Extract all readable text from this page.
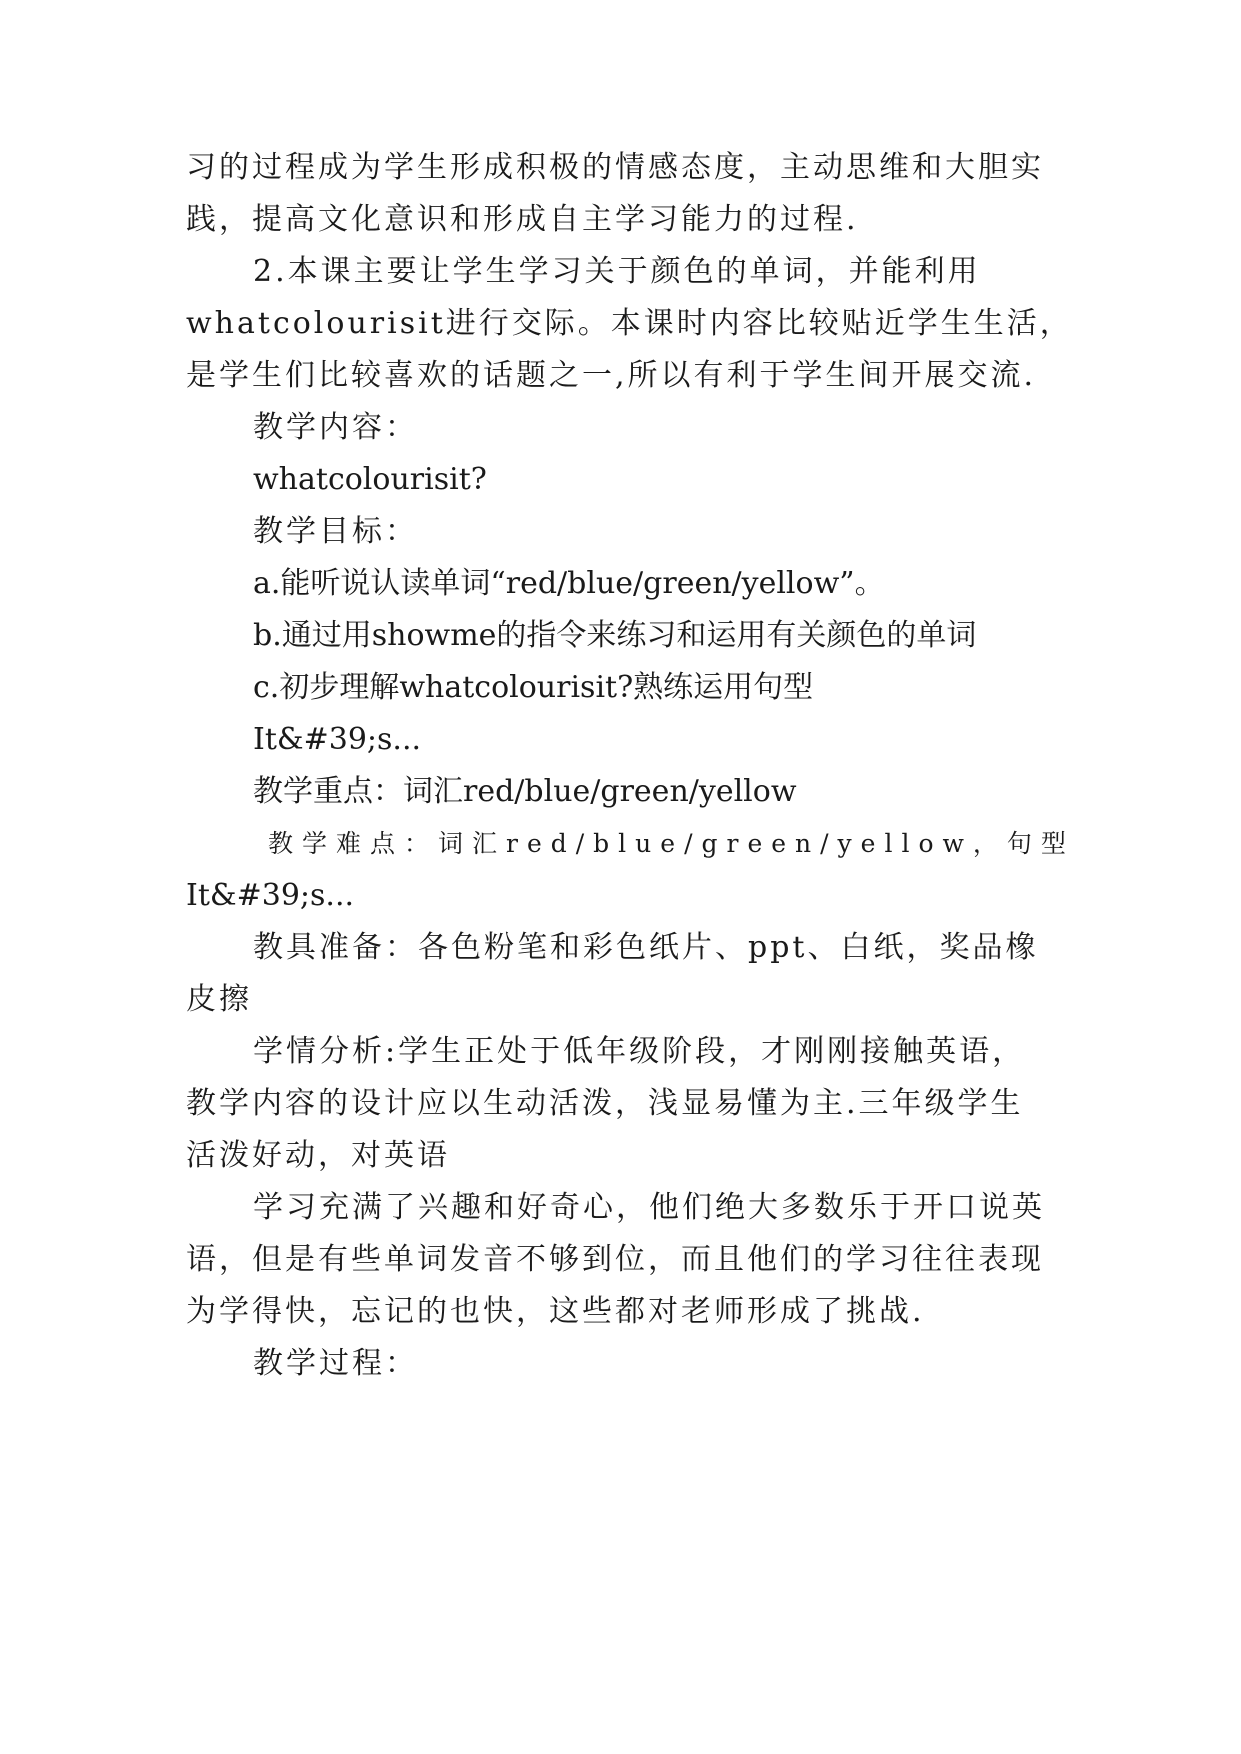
习的过程成为学生形成积极的情感态度，主动思维和大胆实
践，提高文化意识和形成自主学习能力的过程.
2.本课主要让学生学习关于颜色的单词，并能利用
whatcolourisit进行交际。本课时内容比较贴近学生生活，
是学生们比较喜欢的话题之一,所以有利于学生间开展交流.
教学内容：
whatcolourisit?
教学目标：
a.能听说认读单词“red/blue/green/yellow”。
b.通过用showme的指令来练习和运用有关颜色的单词
c.初步理解whatcolourisit?熟练运用句型
It&#39;s...
教学重点：词汇red/blue/green/yellow
教学难点：词汇red/blue/green/yellow，句型
It&#39;s...
教具准备：各色粉笔和彩色纸片、ppt、白纸，奖品橡
皮擦
学情分析:学生正处于低年级阶段，才刚刚接触英语，
教学内容的设计应以生动活泼，浅显易懂为主.三年级学生
活泼好动，对英语
学习充满了兴趣和好奇心，他们绝大多数乐于开口说英
语，但是有些单词发音不够到位，而且他们的学习往往表现
为学得快，忘记的也快，这些都对老师形成了挑战.
教学过程：
